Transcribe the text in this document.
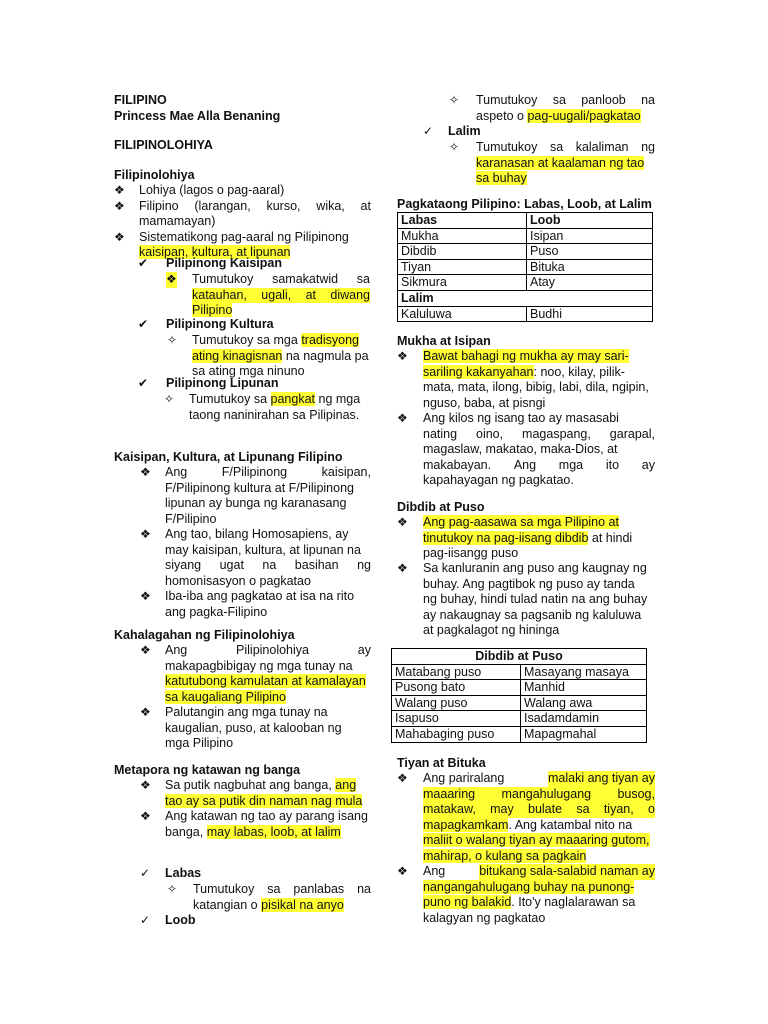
FILIPINO
Princess Mae Alla Benaning
FILIPINOLOHIYA
Filipinolohiya
❖
Lohiya (lagos o pag-aaral)
❖
Filipino (larangan, kurso, wika, at mamamayan)
❖
Sistematikong pag-aaral ng Pilipinong
kaisipan, kultura, at lipunan
✔
Pilipinong Kaisipan
❖
Tumutukoy samakatwid sa
katauhan, ugali, at diwang
Pilipino
✔
Pilipinong Kultura
✧
Tumutukoy sa mga tradisyong
ating kinagisnan na nagmula pa
sa ating mga ninuno
✔
Pilipinong Lipunan
✧
Tumutukoy sa pangkat ng mga
taong naninirahan sa Pilipinas.
Kaisipan, Kultura, at Lipunang Filipino
❖
Ang	F/Pilipinong	kaisipan,
F/Pilipinong kultura at F/Pilipinong
lipunan ay bunga ng karanasang
F/Pilipino
❖
Ang tao, bilang Homosapiens, ay
may kaisipan, kultura, at lipunan na
siyang ugat na basihan ng
homonisasyon o pagkatao
❖
Iba-iba ang pagkatao at isa na rito
ang pagka-Filipino
Kahalagahan ng Filipinolohiya
❖
Ang	Pilipinolohiya	ay
makapagbibigay ng mga tunay na
katutubong kamulatan at kamalayan
sa kaugaliang Pilipino
❖
Palutangin ang mga tunay na
kaugalian, puso, at kalooban ng
mga Pilipino
Metapora ng katawan ng banga
❖
Sa putik nagbuhat ang banga, ang
tao ay sa putik din naman nag mula
❖
Ang katawan ng tao ay parang isang
banga, may labas, loob, at lalim
✓
Labas
✧
Tumutukoy sa panlabas na
katangian o pisikal na anyo
✓
Loob
✧
Tumutukoy sa panloob na
aspeto o pag-uugali/pagkatao
✓
Lalim
✧
Tumutukoy sa kalaliman ng
karanasan at kaalaman ng tao
sa buhay
Pagkataong Pilipino: Labas, Loob, at Lalim
Labas	Loob
Mukha	Isipan
Dibdib	Puso
Tiyan	Bituka
Sikmura	Atay
Lalim	
Kaluluwa	Budhi
Mukha at Isipan
❖
Bawat bahagi ng mukha ay may sari-
sariling kakanyahan: noo, kilay, pilik-
mata, mata, ilong, bibig, labi, dila, ngipin,
nguso, baba, at pisngi
❖
Ang kilos ng isang tao ay masasabi
nating oino, magaspang, garapal,
magaslaw, makatao, maka-Dios, at
makabayan. Ang mga ito ay
kapahayagan ng pagkatao.
Dibdib at Puso
❖
Ang pag-aasawa sa mga Pilipino at
tinutukoy na pag-iisang dibdib at hindi
pag-iisangg puso
❖
Sa kanluranin ang puso ang kaugnay ng
buhay. Ang pagtibok ng puso ay tanda
ng buhay, hindi tulad natin na ang buhay
ay nakaugnay sa pagsanib ng kaluluwa
at pagkalagot ng hininga
Dibdib at Puso	
Matabang puso	Masayang masaya
Pusong bato	Manhid
Walang puso	Walang awa
Isapuso	Isadamdamin
Mahabaging puso	Mapagmahal
Tiyan at Bituka
❖
Ang pariralang	malaki ang tiyan ay
maaaring mangahulugang busog,
matakaw, may bulate sa tiyan, o
mapagkamkam. Ang katambal nito na
maliit o walang tiyan ay maaaring gutom,
mahirap, o kulang sa pagkain
❖
Ang	bitukang sala-salabid naman ay
nangangahulugang buhay na punong-
puno ng balakid. Ito'y naglalarawan sa
kalagyan ng pagkatao
